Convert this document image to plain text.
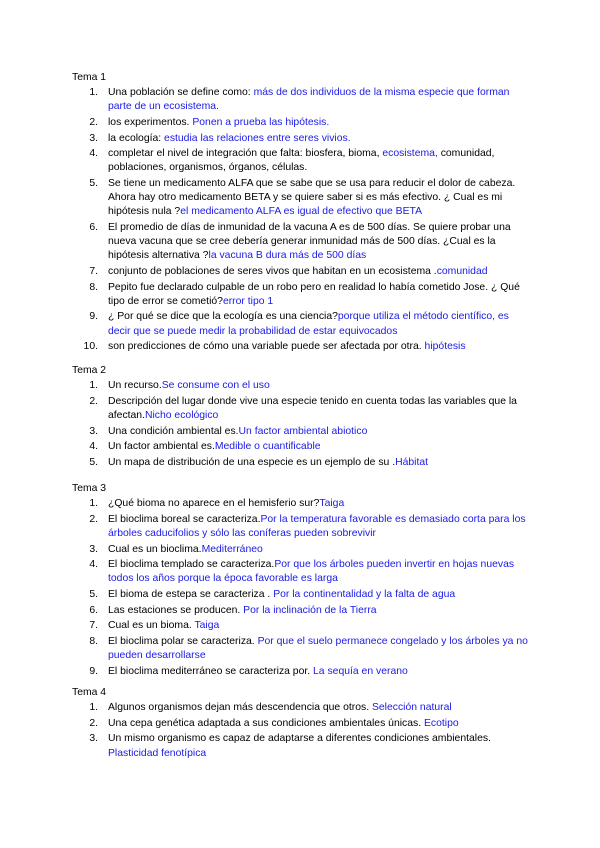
Tema 1
1. Una población se define como: más de dos individuos de la misma especie que forman parte de un ecosistema.
2. los experimentos. Ponen a prueba las hipótesis.
3. la ecología: estudia las relaciones entre seres vivios.
4. completar el nivel de integración que falta: biosfera, bioma, ecosistema, comunidad, poblaciones, organismos, órganos, células.
5. Se tiene un medicamento ALFA que se sabe que se usa para reducir el dolor de cabeza. Ahora hay otro medicamento BETA y se quiere saber si es más efectivo. ¿ Cual es mi hipótesis nula ?el medicamento ALFA es igual de efectivo que BETA
6. El promedio de días de inmunidad de la vacuna A es de 500 días. Se quiere probar una nueva vacuna que se cree debería generar inmunidad más de 500 días. ¿Cual es la hipótesis alternativa ?la vacuna B dura más de 500 días
7. conjunto de poblaciones de seres vivos que habitan en un ecosistema .comunidad
8. Pepito fue declarado culpable de un robo pero en realidad lo había cometido Jose. ¿ Qué tipo de error se cometió?error tipo 1
9. ¿ Por qué se dice que la ecología es una ciencia?porque utiliza el método científico, es decir que se puede medir la probabilidad de estar equivocados
10. son predicciones de cómo una variable puede ser afectada por otra. hipótesis
Tema 2
1. Un recurso.Se consume con el uso
2. Descripción del lugar donde vive una especie tenido en cuenta todas las variables que la afectan.Nicho ecológico
3. Una condición ambiental es.Un factor ambiental abiotico
4. Un factor ambiental es.Medible o cuantificable
5. Un mapa de distribución de una especie es un ejemplo de su .Hábitat
Tema 3
1. ¿Qué bioma no aparece en el hemisferio sur?Taiga
2. El bioclima boreal se caracteriza.Por la temperatura favorable es demasiado corta para los árboles caducifolios y sólo las coníferas pueden sobrevivir
3. Cual es un bioclima.Mediterráneo
4. El bioclima templado se caracteriza.Por que los árboles pueden invertir en hojas nuevas todos los años porque la época favorable es larga
5. El bioma de estepa se caracteriza . Por la continentalidad y la falta de agua
6. Las estaciones se producen. Por la inclinación de la Tierra
7. Cual es un bioma. Taiga
8. El bioclima polar se caracteriza. Por que el suelo permanece congelado y los árboles ya no pueden desarrollarse
9. El bioclima mediterráneo se caracteriza por. La sequía en verano
Tema 4
1. Algunos organismos dejan más descendencia que otros. Selección natural
2. Una cepa genética adaptada a sus condiciones ambientales únicas. Ecotipo
3. Un mismo organismo es capaz de adaptarse a diferentes condiciones ambientales. Plasticidad fenotípica
